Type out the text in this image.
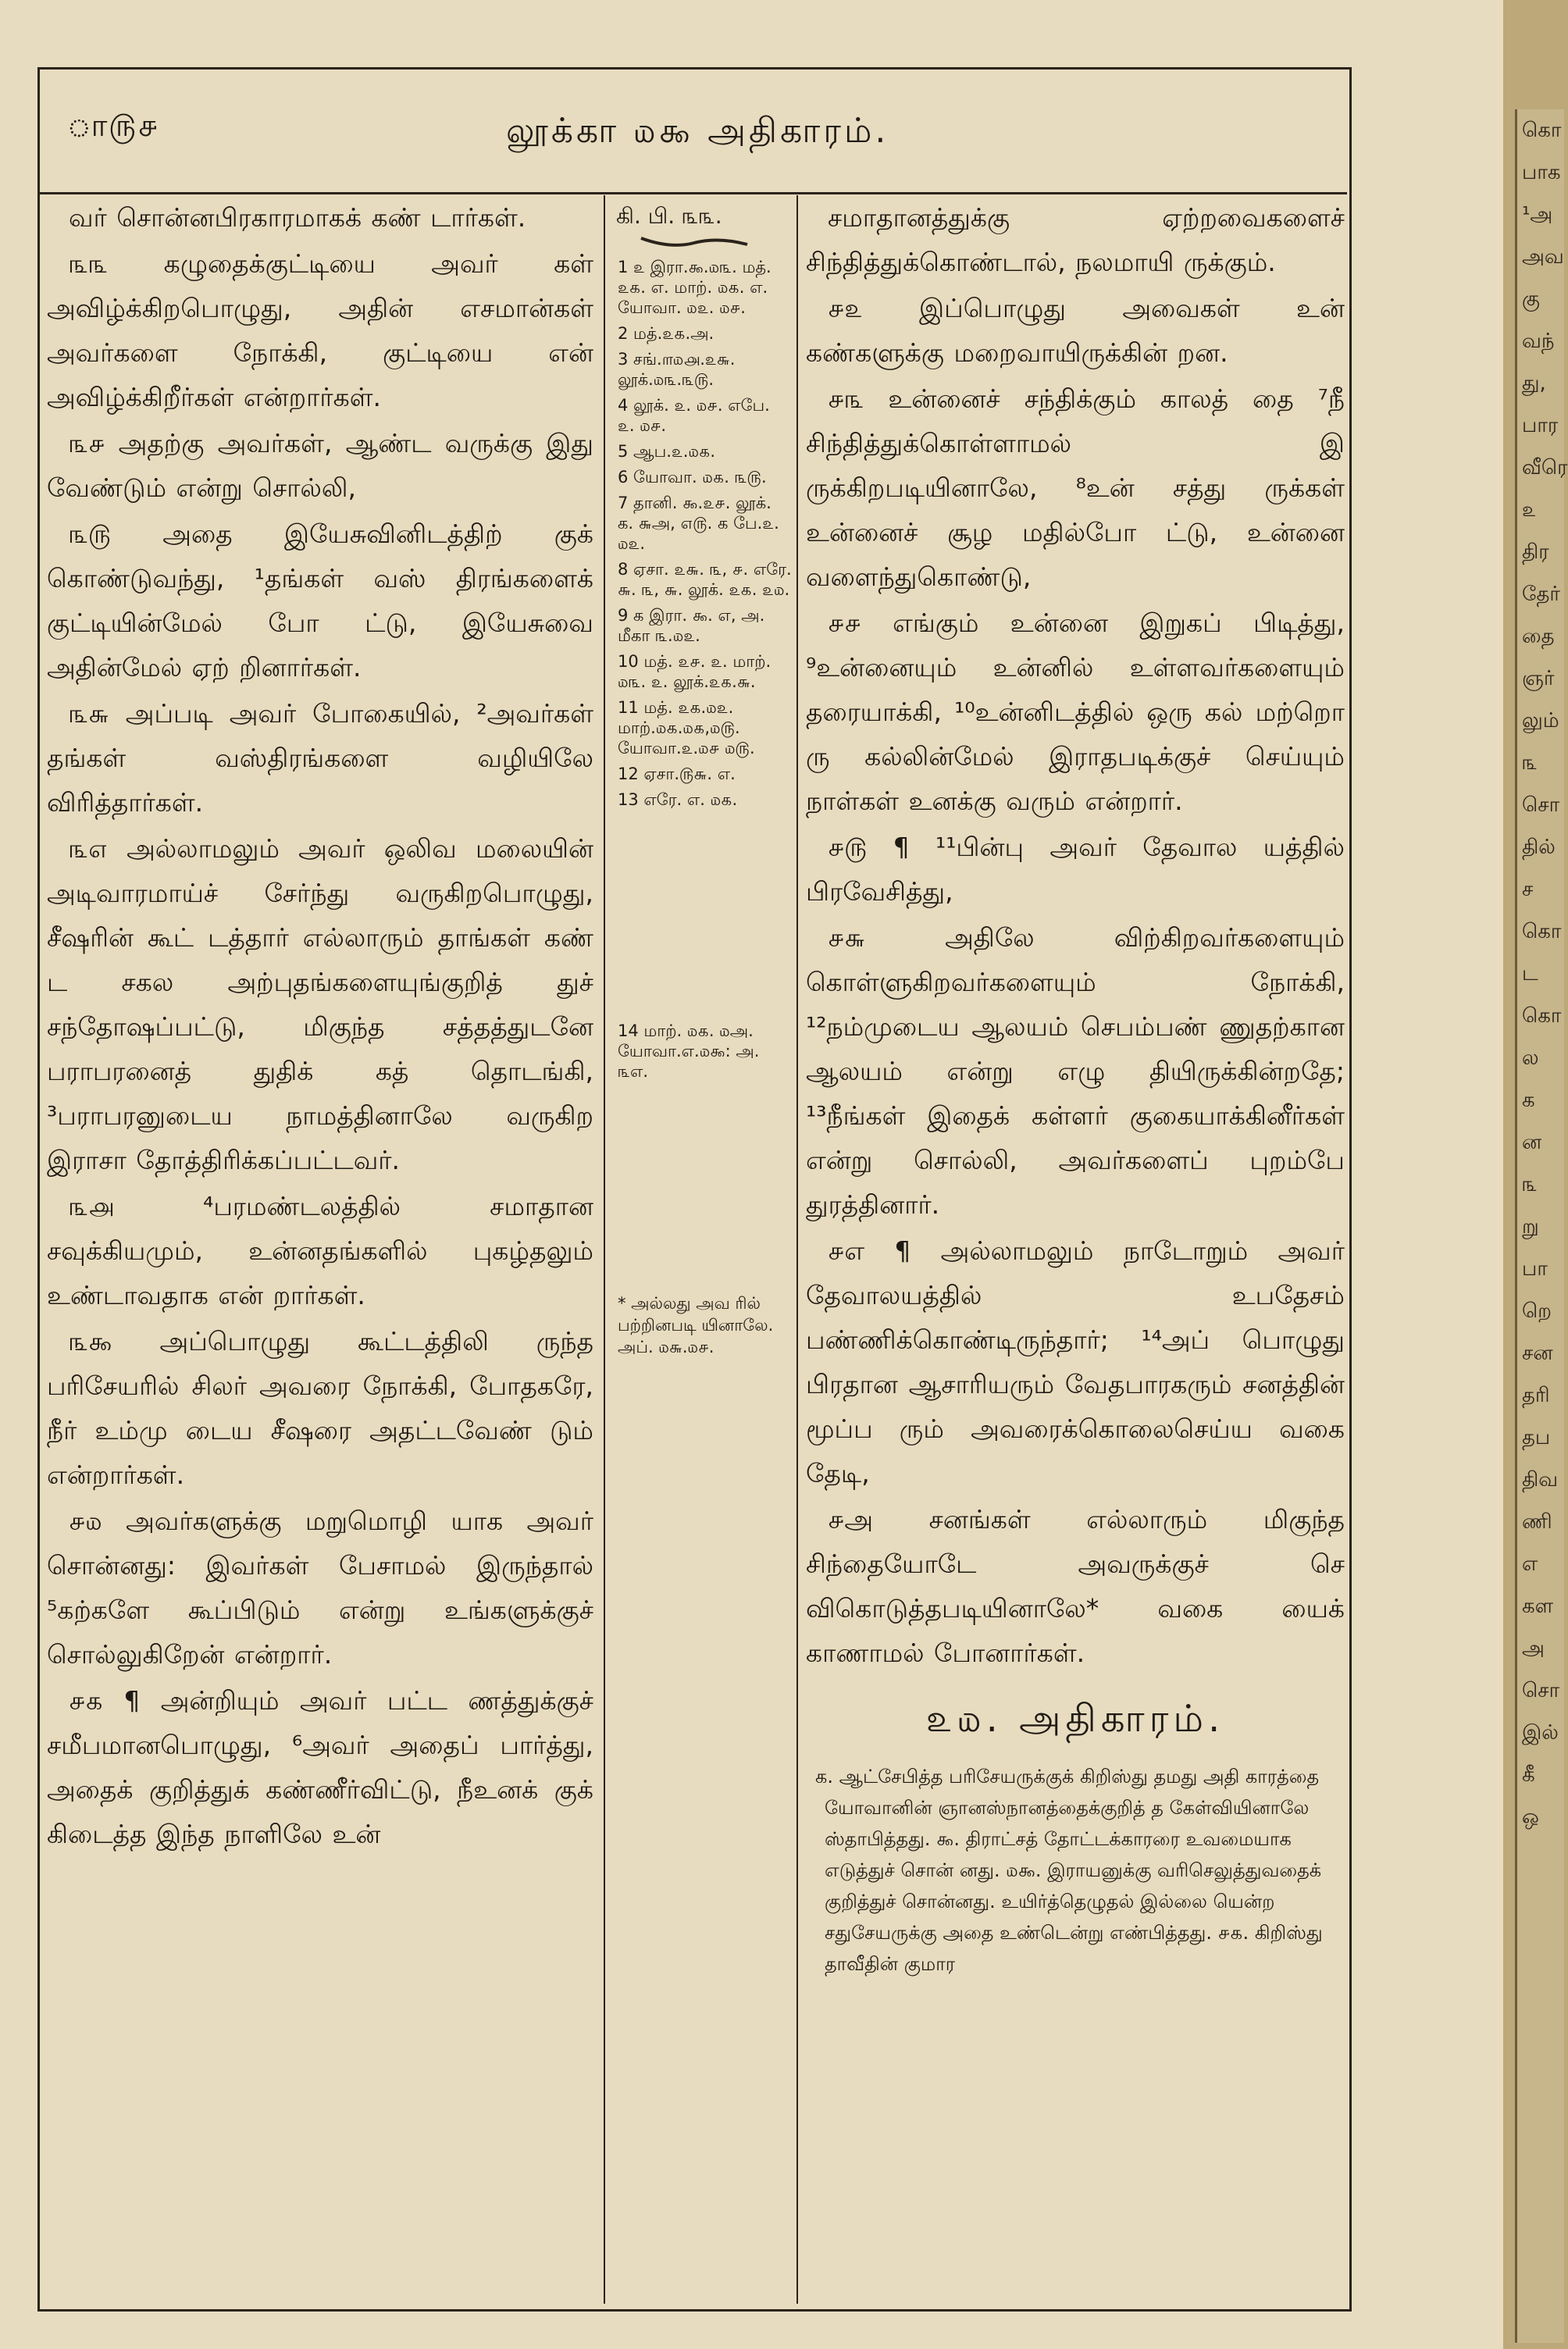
ா௫௪	லூக்கா ௰௯ அதிகாரம்.

வர் சொன்னபிரகாரமாகக் கண் டார்கள்.

௩௩ கழுதைக்குட்டியை அவர் கள் அவிழ்க்கிறபொழுது, அதின் எசமான்கள் அவர்களை நோக்கி, குட்டியை என் அவிழ்க்கிறீர்கள் என்றார்கள்.

௩௪ அதற்கு அவர்கள், ஆண்ட வருக்கு இது வேண்டும் என்று சொல்லி,

௩௫ அதை இயேசுவினிடத்திற் குக் கொண்டுவந்து, ¹தங்கள் வஸ் திரங்களைக் குட்டியின்மேல் போ ட்டு, இயேசுவை அதின்மேல் ஏற் றினார்கள்.

௩௬ அப்படி அவர் போகையில், ²அவர்கள் தங்கள் வஸ்திரங்களை வழியிலே விரித்தார்கள்.

௩௭ அல்லாமலும் அவர் ஒலிவ மலையின் அடிவாரமாய்ச் சேர்ந்து வருகிறபொழுது, சீஷரின் கூட் டத்தார் எல்லாரும் தாங்கள் கண் ட சகல அற்புதங்களையுங்குறித் துச் சந்தோஷப்பட்டு, மிகுந்த சத்தத்துடனே பராபரனைத் துதிக் கத் தொடங்கி, ³பராபரனுடைய நாமத்தினாலே வருகிற இராசா தோத்திரிக்கப்பட்டவர்.

௩௮ ⁴பரமண்டலத்தில் சமாதான சவுக்கியமும், உன்னதங்களில் புகழ்தலும் உண்டாவதாக என் றார்கள்.

௩௯ அப்பொழுது கூட்டத்திலி ருந்த பரிசேயரில் சிலர் அவரை நோக்கி, போதகரே, நீர் உம்மு டைய சீஷரை அதட்டவேண் டும் என்றார்கள்.

௪௰ அவர்களுக்கு மறுமொழி யாக அவர் சொன்னது: இவர்கள் பேசாமல் இருந்தால் ⁵கற்களே கூப்பிடும் என்று உங்களுக்குச் சொல்லுகிறேன் என்றார்.

௪௧ ¶ அன்றியும் அவர் பட்ட ணத்துக்குச் சமீபமானபொழுது, ⁶அவர் அதைப் பார்த்து, அதைக் குறித்துக் கண்ணீர்விட்டு, நீஉனக் குக் கிடைத்த இந்த நாளிலே உன்

கி. பி. ௩௩.
1 ௨ இரா.௯.௰௩. மத். ௨௧. எ. மாற். ௰௧. எ. யோவா. ௰௨. ௰௪.
2 மத்.௨௧.அ.
3 சங்.௱௰௮.௨௬. லூக்.௰௩.௩௫.
4 லூக். ௨. ௰௪. எபே. ௨. ௰௪.
5 ஆப.௨.௰௧.
6 யோவா. ௰௧. ௩௫.
7 தானி. ௯.௨௪. லூக். க. ௬அ, ௭௫. க பே.௨. ௰௨.
8 ஏசா. ௨௬. ௩, ௪. எரே. ௬. ௩, ௬. லூக். ௨௧. ௨௰.
9 க இரா. ௯. எ, அ. மீகா ௩.௰௨.
10 மத். ௨௪. ௨. மாற். ௰௩. ௨. லூக்.௨௧.௬.
11 மத். ௨௧.௰௨. மாற்.௰௧.௰௧,௰௫. யோவா.௨.௰௪ ௰௫.
12 ஏசா.௫௬. எ.
13 எரே. எ. ௰௧.
14 மாற். ௰௧. ௰அ. யோவா.எ.௰௯: அ. ௩எ.
* அல்லது அவ ரில் பற்றினபடி யினாலே. அப். ௰௬.௰௪.

சமாதானத்துக்கு ஏற்றவைகளைச் சிந்தித்துக்கொண்டால், நலமாயி ருக்கும்.

௪௨ இப்பொழுது அவைகள் உன் கண்களுக்கு மறைவாயிருக்கின் றன.

௪௩ உன்னைச் சந்திக்கும் காலத் தை ⁷நீ சிந்தித்துக்கொள்ளாமல் இ ருக்கிறபடியினாலே, ⁸உன் சத்து ருக்கள் உன்னைச் சூழ மதில்போ ட்டு, உன்னை வளைந்துகொண்டு,

௪௪ எங்கும் உன்னை இறுகப் பிடித்து, ⁹உன்னையும் உன்னில் உள்ளவர்களையும் தரையாக்கி, ¹⁰உன்னிடத்தில் ஒரு கல் மற்றொ ரு கல்லின்மேல் இராதபடிக்குச் செய்யும் நாள்கள் உனக்கு வரும் என்றார்.

௪௫ ¶ ¹¹பின்பு அவர் தேவால யத்தில் பிரவேசித்து,

௪௬ அதிலே விற்கிறவர்களையும் கொள்ளுகிறவர்களையும் நோக்கி, ¹²நம்முடைய ஆலயம் செபம்பண் ணுதற்கான ஆலயம் என்று எழு தியிருக்கின்றதே; ¹³நீங்கள் இதைக் கள்ளர் குகையாக்கினீர்கள் என்று சொல்லி, அவர்களைப் புறம்பே துரத்தினார்.

௪எ ¶ அல்லாமலும் நாடோறும் அவர் தேவாலயத்தில் உபதேசம் பண்ணிக்கொண்டிருந்தார்; ¹⁴அப் பொழுது பிரதான ஆசாரியரும் வேதபாரகரும் சனத்தின் மூப்ப ரும் அவரைக்கொலைசெய்ய வகை தேடி,

௪அ சனங்கள் எல்லாரும் மிகுந்த சிந்தையோடே அவருக்குச் செ விகொடுத்தபடியினாலே* வகை யைக் காணாமல் போனார்கள்.

௨௰. அதிகாரம்.
க. ஆட்சேபித்த பரிசேயருக்குக் கிறிஸ்து தமது அதி காரத்தை யோவானின் ஞானஸ்நானத்தைக்குறித் த கேள்வியினாலே ஸ்தாபித்தது. ௯. திராட்சத் தோட்டக்காரரை உவமையாக எடுத்துச் சொன் னது. ௰௯. இராயனுக்கு வரிசெலுத்துவதைக் குறித்துச் சொன்னது. உயிர்த்தெழுதல் இல்லை யென்ற சதுசேயருக்கு அதை உண்டென்று எண்பித்தது. ௪௧. கிறிஸ்து தாவீதின் குமார
கொ
பாக
¹அ
அவ
கு
வந்
து,
பார
வீரெ
௨
திர
தேர்
தை
ஞர்
லும்
௩
சொ
தில்
ச
கொ
ட
கொ
ல
க
ன
௩
று
பா
றெ
சன
தரி
தப
திவ
ணி
எ
கள
அ
சொ
இல்
கீ
ஒ
